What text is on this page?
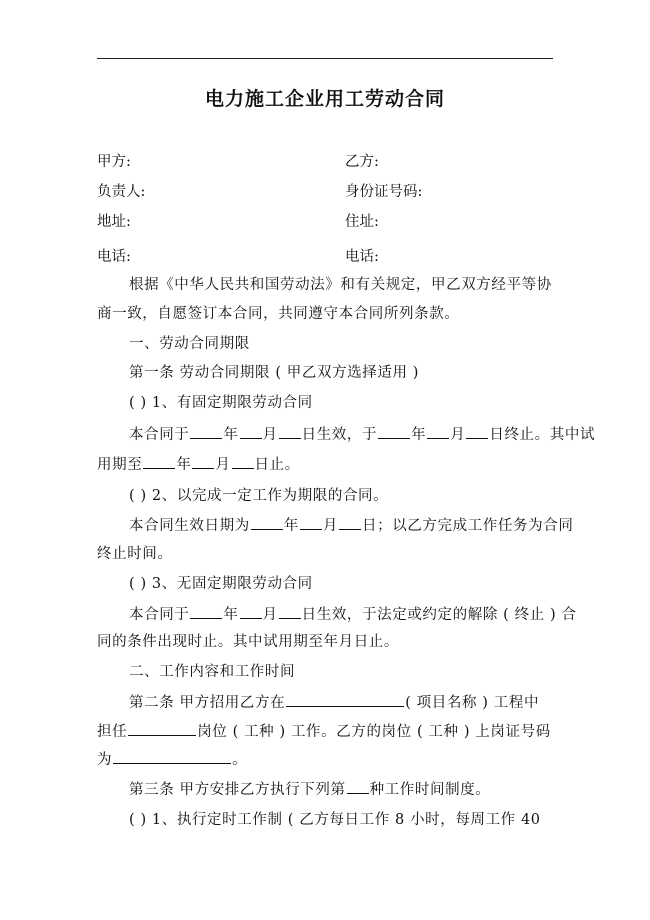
电力施工企业用工劳动合同
甲方:	乙方:
负责人:	身份证号码:
地址:	住址:
电话:	电话:
根据《中华人民共和国劳动法》和有关规定，甲乙双方经平等协
商一致，自愿签订本合同，共同遵守本合同所列条款。
一、劳动合同期限
第一条 劳动合同期限 ( 甲乙双方选择适用 )
( ) 1、有固定期限劳动合同
本合同于 年 月 日生效，于 年 月 日终止。其中试
用期至 年 月 日止。
( ) 2、以完成一定工作为期限的合同。
本合同生效日期为 年 月 日；以乙方完成工作任务为合同
终止时间。
( ) 3、无固定期限劳动合同
本合同于 年 月 日生效，于法定或约定的解除 ( 终止 ) 合
同的条件出现时止。其中试用期至年月日止。
二、工作内容和工作时间
第二条 甲方招用乙方在	( 项目名称 ) 工程中
担任	岗位 ( 工种 ) 工作。乙方的岗位 ( 工种 ) 上岗证号码
为	。
第三条 甲方安排乙方执行下列第 种工作时间制度。
( ) 1、执行定时工作制 ( 乙方每日工作 8 小时，每周工作 40
